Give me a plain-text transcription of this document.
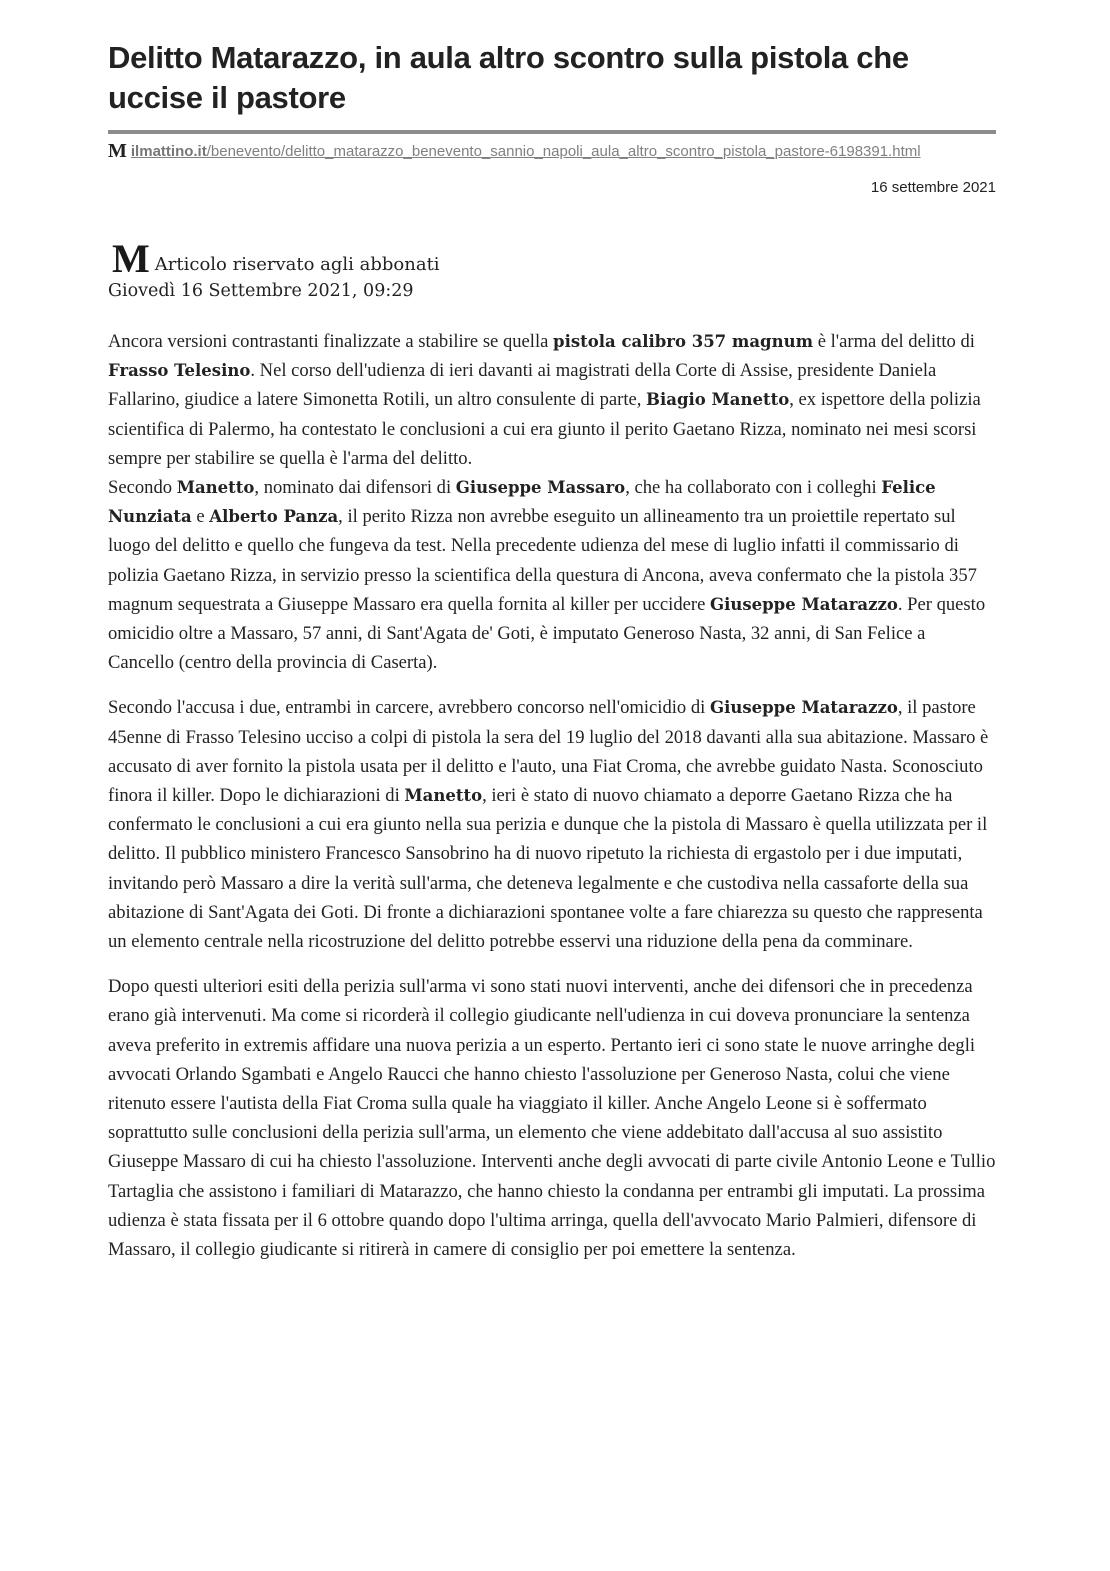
Delitto Matarazzo, in aula altro scontro sulla pistola che uccise il pastore
M ilmattino.it/benevento/delitto_matarazzo_benevento_sannio_napoli_aula_altro_scontro_pistola_pastore-6198391.html
16 settembre 2021
M Articolo riservato agli abbonati
Giovedì 16 Settembre 2021, 09:29

Ancora versioni contrastanti finalizzate a stabilire se quella pistola calibro 357 magnum è l'arma del delitto di Frasso Telesino. Nel corso dell'udienza di ieri davanti ai magistrati della Corte di Assise, presidente Daniela Fallarino, giudice a latere Simonetta Rotili, un altro consulente di parte, Biagio Manetto, ex ispettore della polizia scientifica di Palermo, ha contestato le conclusioni a cui era giunto il perito Gaetano Rizza, nominato nei mesi scorsi sempre per stabilire se quella è l'arma del delitto.
Secondo Manetto, nominato dai difensori di Giuseppe Massaro, che ha collaborato con i colleghi Felice Nunziata e Alberto Panza, il perito Rizza non avrebbe eseguito un allineamento tra un proiettile repertato sul luogo del delitto e quello che fungeva da test. Nella precedente udienza del mese di luglio infatti il commissario di polizia Gaetano Rizza, in servizio presso la scientifica della questura di Ancona, aveva confermato che la pistola 357 magnum sequestrata a Giuseppe Massaro era quella fornita al killer per uccidere Giuseppe Matarazzo. Per questo omicidio oltre a Massaro, 57 anni, di Sant'Agata de' Goti, è imputato Generoso Nasta, 32 anni, di San Felice a Cancello (centro della provincia di Caserta).

Secondo l'accusa i due, entrambi in carcere, avrebbero concorso nell'omicidio di Giuseppe Matarazzo, il pastore 45enne di Frasso Telesino ucciso a colpi di pistola la sera del 19 luglio del 2018 davanti alla sua abitazione. Massaro è accusato di aver fornito la pistola usata per il delitto e l'auto, una Fiat Croma, che avrebbe guidato Nasta. Sconosciuto finora il killer. Dopo le dichiarazioni di Manetto, ieri è stato di nuovo chiamato a deporre Gaetano Rizza che ha confermato le conclusioni a cui era giunto nella sua perizia e dunque che la pistola di Massaro è quella utilizzata per il delitto. Il pubblico ministero Francesco Sansobrino ha di nuovo ripetuto la richiesta di ergastolo per i due imputati, invitando però Massaro a dire la verità sull'arma, che deteneva legalmente e che custodiva nella cassaforte della sua abitazione di Sant'Agata dei Goti. Di fronte a dichiarazioni spontanee volte a fare chiarezza su questo che rappresenta un elemento centrale nella ricostruzione del delitto potrebbe esservi una riduzione della pena da comminare.

Dopo questi ulteriori esiti della perizia sull'arma vi sono stati nuovi interventi, anche dei difensori che in precedenza erano già intervenuti. Ma come si ricorderà il collegio giudicante nell'udienza in cui doveva pronunciare la sentenza aveva preferito in extremis affidare una nuova perizia a un esperto. Pertanto ieri ci sono state le nuove arringhe degli avvocati Orlando Sgambati e Angelo Raucci che hanno chiesto l'assoluzione per Generoso Nasta, colui che viene ritenuto essere l'autista della Fiat Croma sulla quale ha viaggiato il killer. Anche Angelo Leone si è soffermato soprattutto sulle conclusioni della perizia sull'arma, un elemento che viene addebitato dall'accusa al suo assistito Giuseppe Massaro di cui ha chiesto l'assoluzione. Interventi anche degli avvocati di parte civile Antonio Leone e Tullio Tartaglia che assistono i familiari di Matarazzo, che hanno chiesto la condanna per entrambi gli imputati. La prossima udienza è stata fissata per il 6 ottobre quando dopo l'ultima arringa, quella dell'avvocato Mario Palmieri, difensore di Massaro, il collegio giudicante si ritirerà in camere di consiglio per poi emettere la sentenza.
